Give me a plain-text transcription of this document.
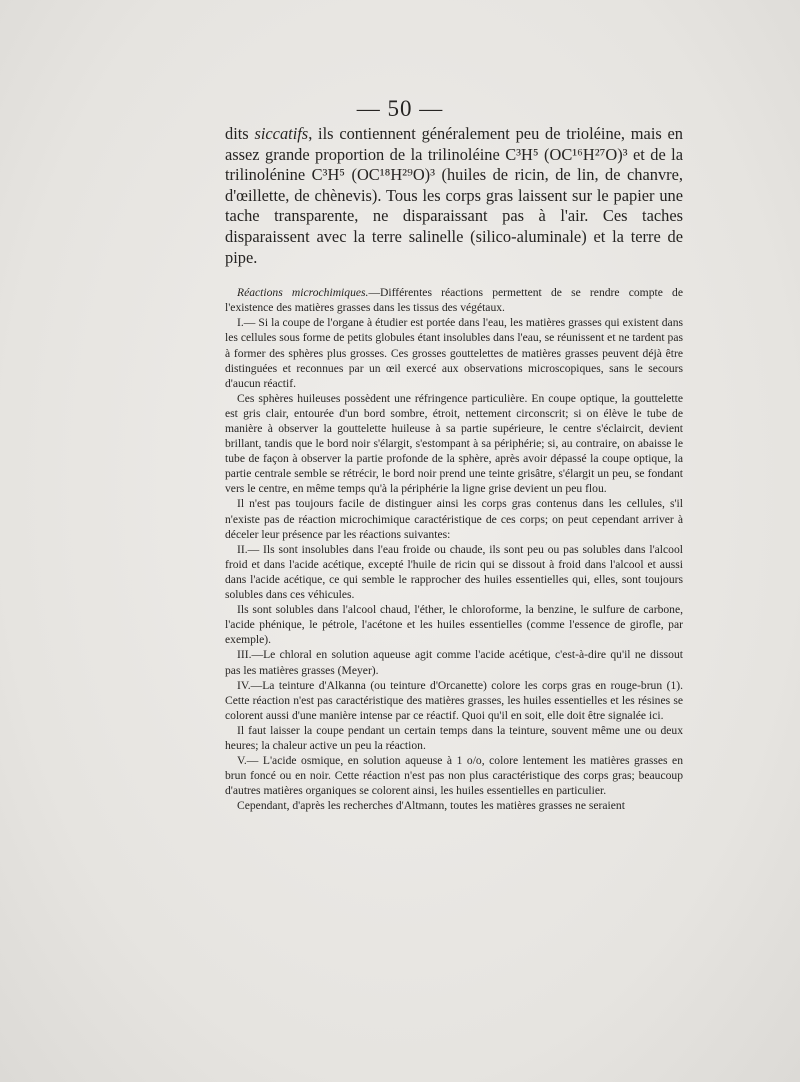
— 50 —

dits siccatifs, ils contiennent généralement peu de trioléine, mais en assez grande proportion de la trilinoléine C³H⁵ (OC¹⁶H²⁷O)³ et de la trilinolénine C³H⁵ (OC¹⁸H²⁹O)³ (huiles de ricin, de lin, de chanvre, d'œillette, de chènevis). Tous les corps gras laissent sur le papier une tache transparente, ne disparaissant pas à l'air. Ces taches disparaissent avec la terre salinelle (silico-aluminale) et la terre de pipe.

Réactions microchimiques.—Différentes réactions permettent de se rendre compte de l'existence des matières grasses dans les tissus des végétaux.

I.— Si la coupe de l'organe à étudier est portée dans l'eau, les matières grasses qui existent dans les cellules sous forme de petits globules étant insolubles dans l'eau, se réunissent et ne tardent pas à former des sphères plus grosses. Ces grosses gouttelettes de matières grasses peuvent déjà être distinguées et reconnues par un œil exercé aux observations microscopiques, sans le secours d'aucun réactif.

Ces sphères huileuses possèdent une réfringence particulière. En coupe optique, la gouttelette est gris clair, entourée d'un bord sombre, étroit, nettement circonscrit; si on élève le tube de manière à observer la gouttelette huileuse à sa partie supérieure, le centre s'éclaircit, devient brillant, tandis que le bord noir s'élargit, s'estompant à sa périphérie; si, au contraire, on abaisse le tube de façon à observer la partie profonde de la sphère, après avoir dépassé la coupe optique, la partie centrale semble se rétrécir, le bord noir prend une teinte grisâtre, s'élargit un peu, se fondant vers le centre, en même temps qu'à la périphérie la ligne grise devient un peu flou.

Il n'est pas toujours facile de distinguer ainsi les corps gras contenus dans les cellules, s'il n'existe pas de réaction microchimique caractéristique de ces corps; on peut cependant arriver à déceler leur présence par les réactions suivantes:

II.— Ils sont insolubles dans l'eau froide ou chaude, ils sont peu ou pas solubles dans l'alcool froid et dans l'acide acétique, excepté l'huile de ricin qui se dissout à froid dans l'alcool et aussi dans l'acide acétique, ce qui semble le rapprocher des huiles essentielles qui, elles, sont toujours solubles dans ces véhicules.

Ils sont solubles dans l'alcool chaud, l'éther, le chloroforme, la benzine, le sulfure de carbone, l'acide phénique, le pétrole, l'acétone et les huiles essentielles (comme l'essence de girofle, par exemple).

III.—Le chloral en solution aqueuse agit comme l'acide acétique, c'est-à-dire qu'il ne dissout pas les matières grasses (Meyer).

IV.—La teinture d'Alkanna (ou teinture d'Orcanette) colore les corps gras en rouge-brun (1). Cette réaction n'est pas caractéristique des matières grasses, les huiles essentielles et les résines se colorent aussi d'une manière intense par ce réactif. Quoi qu'il en soit, elle doit être signalée ici.

Il faut laisser la coupe pendant un certain temps dans la teinture, souvent même une ou deux heures; la chaleur active un peu la réaction.

V.— L'acide osmique, en solution aqueuse à 1 o/o, colore lentement les matières grasses en brun foncé ou en noir. Cette réaction n'est pas non plus caractéristique des corps gras; beaucoup d'autres matières organiques se colorent ainsi, les huiles essentielles en particulier.

Cependant, d'après les recherches d'Altmann, toutes les matières grasses ne seraient
